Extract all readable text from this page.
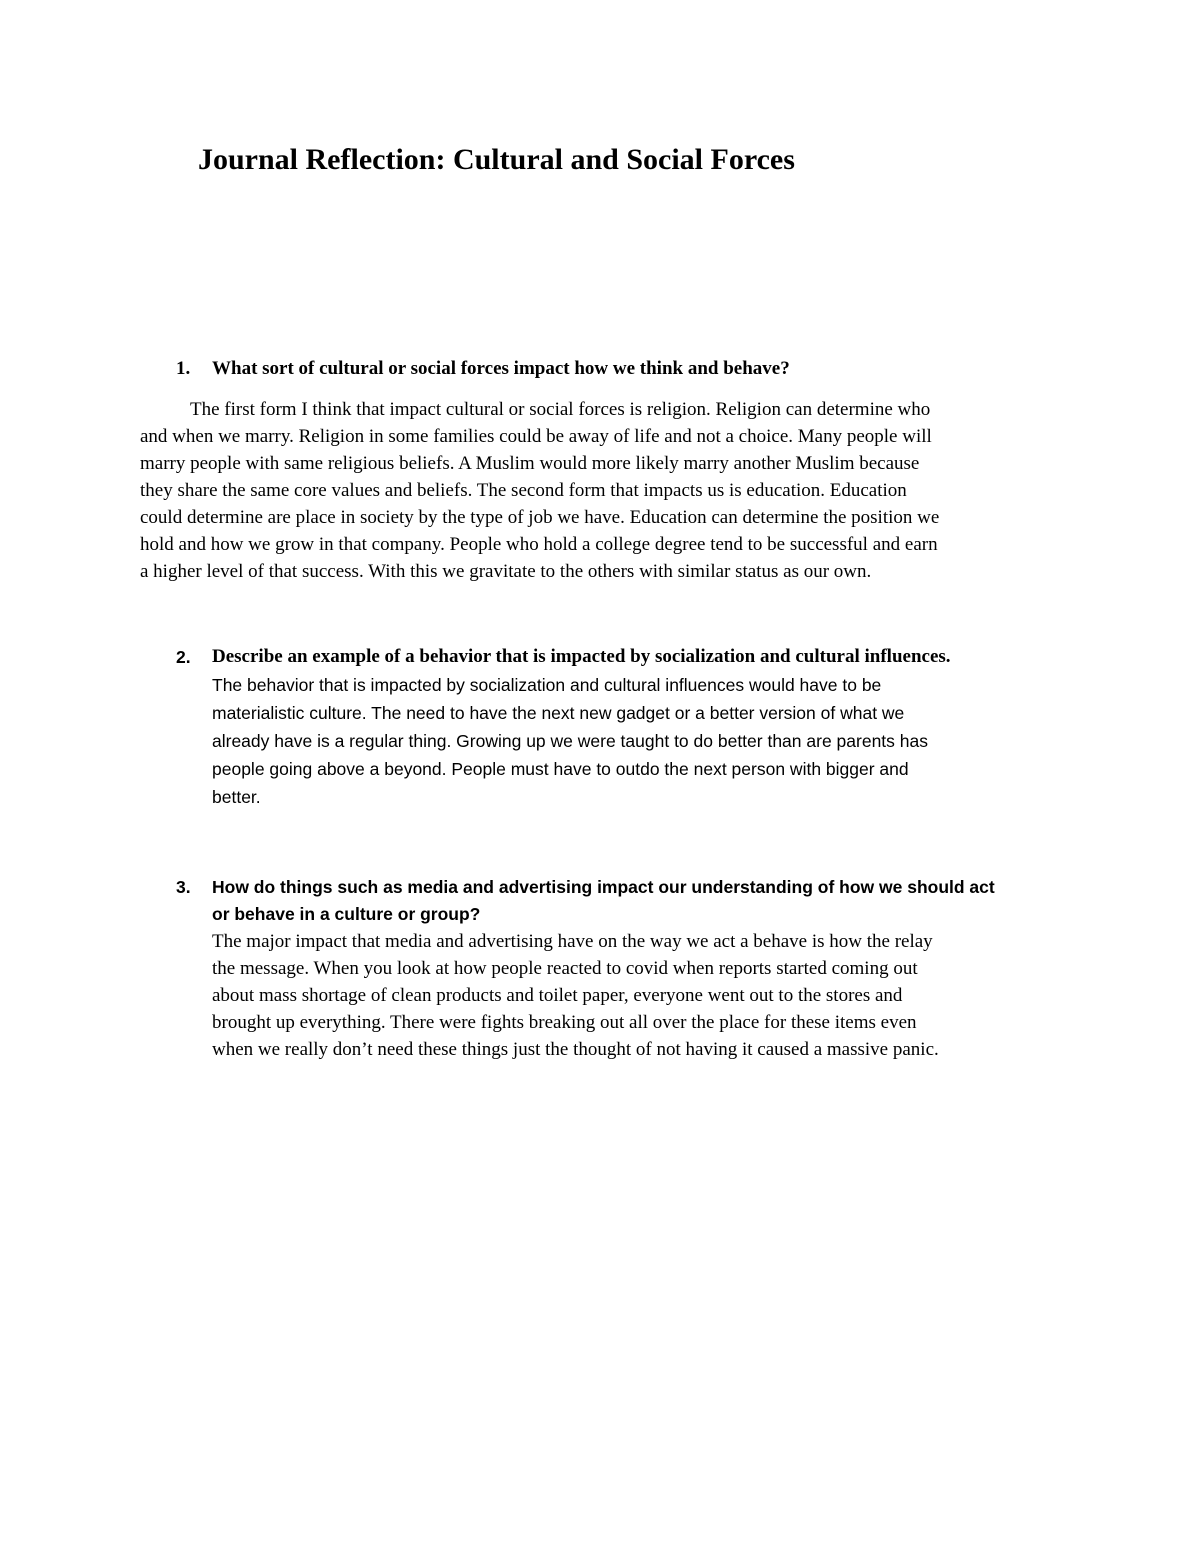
Journal Reflection: Cultural and Social Forces
1. What sort of cultural or social forces impact how we think and behave?
The first form I think that impact cultural or social forces is religion. Religion can determine who
and when we marry. Religion in some families could be away of life and not a choice. Many people will
marry people with same religious beliefs. A Muslim would more likely marry another Muslim because
they share the same core values and beliefs. The second form that impacts us is education. Education
could determine are place in society by the type of job we have. Education can determine the position we
hold and how we grow in that company. People who hold a college degree tend to be successful and earn
a higher level of that success. With this we gravitate to the others with similar status as our own.
2. Describe an example of a behavior that is impacted by socialization and cultural influences.
The behavior that is impacted by socialization and cultural influences would have to be
materialistic culture. The need to have the next new gadget or a better version of what we
already have is a regular thing. Growing up we were taught to do better than are parents has
people going above a beyond. People must have to outdo the next person with bigger and
better.
3. How do things such as media and advertising impact our understanding of how we should act
or behave in a culture or group?
The major impact that media and advertising have on the way we act a behave is how the relay
the message. When you look at how people reacted to covid when reports started coming out
about mass shortage of clean products and toilet paper, everyone went out to the stores and
brought up everything. There were fights breaking out all over the place for these items even
when we really don’t need these things just the thought of not having it caused a massive panic.
